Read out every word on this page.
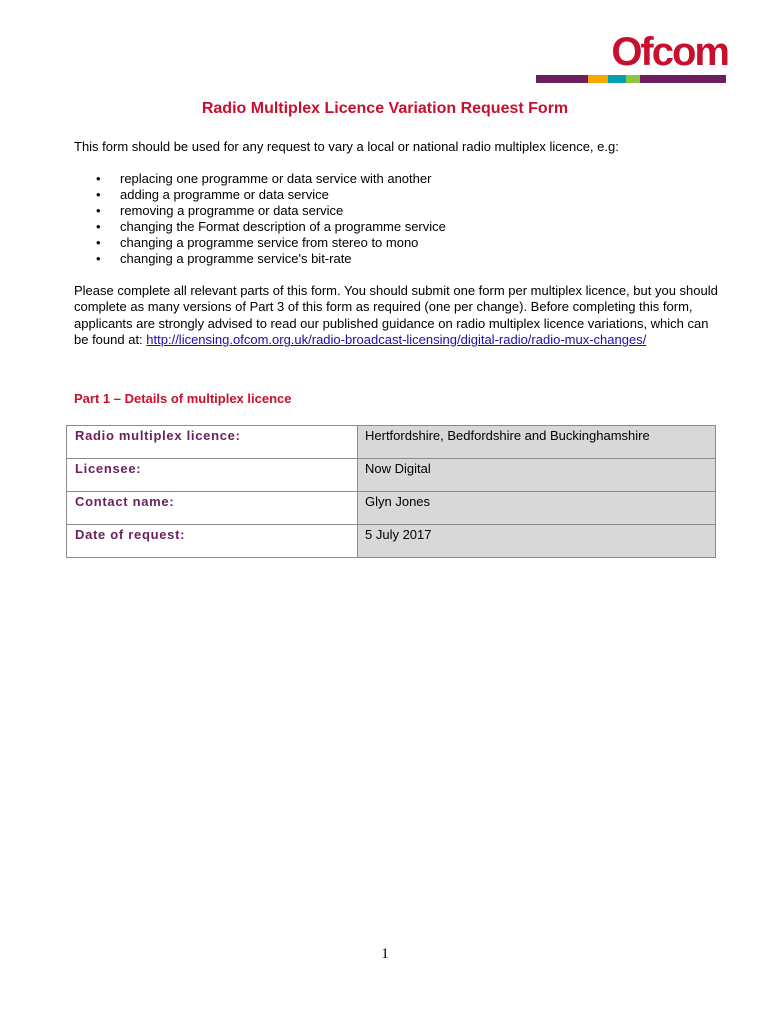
Ofcom
Radio Multiplex Licence Variation Request Form
This form should be used for any request to vary a local or national radio multiplex licence, e.g:
• replacing one programme or data service with another
• adding a programme or data service
• removing a programme or data service
• changing the Format description of a programme service
• changing a programme service from stereo to mono
• changing a programme service's bit-rate
Please complete all relevant parts of this form. You should submit one form per multiplex licence, but you should complete as many versions of Part 3 of this form as required (one per change). Before completing this form, applicants are strongly advised to read our published guidance on radio multiplex licence variations, which can be found at: http://licensing.ofcom.org.uk/radio-broadcast-licensing/digital-radio/radio-mux-changes/
Part 1 – Details of multiplex licence
Radio multiplex licence:	Hertfordshire, Bedfordshire and Buckinghamshire
Licensee:	Now Digital
Contact name:	Glyn Jones
Date of request:	5 July 2017
1
